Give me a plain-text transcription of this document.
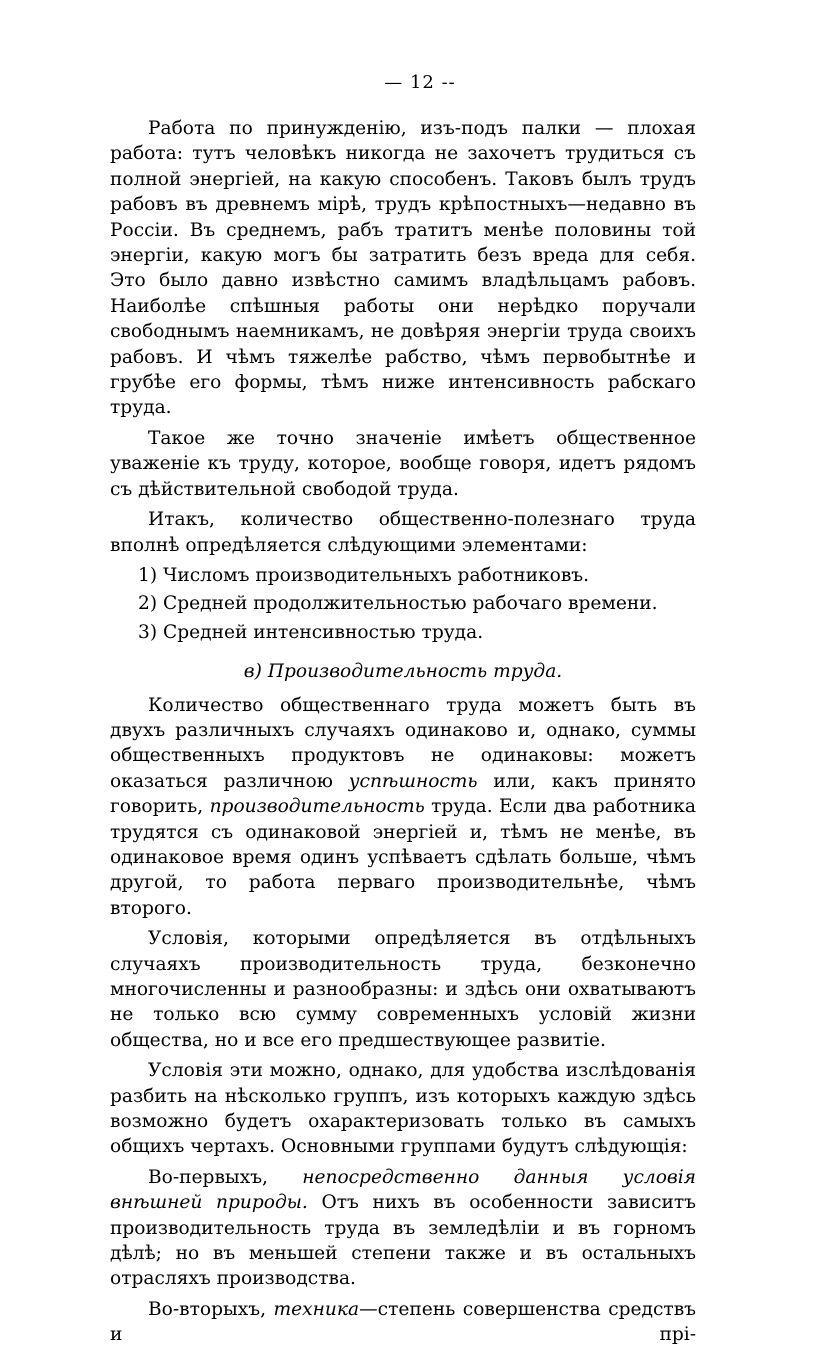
— 12 --

Работа по принужденію, изъ-подъ палки — плохая работа: тутъ человѣкъ никогда не захочетъ трудиться съ полной энергіей, на какую способенъ. Таковъ былъ трудъ рабовъ въ древнемъ мірѣ, трудъ крѣпостныхъ—недавно въ Россіи. Въ среднемъ, рабъ тратитъ менѣе половины той энергіи, какую могъ бы затратить безъ вреда для себя. Это было давно извѣстно самимъ владѣльцамъ рабовъ. Наиболѣе спѣшныя работы они нерѣдко поручали свободнымъ наемникамъ, не довѣряя энергіи труда своихъ рабовъ. И чѣмъ тяжелѣе рабство, чѣмъ первобытнѣе и грубѣе его формы, тѣмъ ниже интенсивность рабскаго труда.

Такое же точно значеніе имѣетъ общественное уваженіе къ труду, которое, вообще говоря, идетъ рядомъ съ дѣйствительной свободой труда.

Итакъ, количество общественно-полезнаго труда вполнѣ опредѣляется слѣдующими элементами:

1) Числомъ производительныхъ работниковъ.

2) Средней продолжительностью рабочаго времени.

3) Средней интенсивностью труда.

в) Производительность труда.

Количество общественнаго труда можетъ быть въ двухъ различныхъ случаяхъ одинаково и, однако, суммы общественныхъ продуктовъ не одинаковы: можетъ оказаться различною успѣшность или, какъ принято говорить, производительность труда. Если два работника трудятся съ одинаковой энергіей и, тѣмъ не менѣе, въ одинаковое время одинъ успѣваетъ сдѣлать больше, чѣмъ другой, то работа перваго производительнѣе, чѣмъ второго.

Условія, которыми опредѣляется въ отдѣльныхъ случаяхъ производительность труда, безконечно многочисленны и разнообразны: и здѣсь они охватываютъ не только всю сумму современныхъ условій жизни общества, но и все его предшествующее развитіе.

Условія эти можно, однако, для удобства изслѣдованія разбить на нѣсколько группъ, изъ которыхъ каждую здѣсь возможно будетъ охарактеризовать только въ самыхъ общихъ чертахъ. Основными группами будутъ слѣдующія:

Во-первыхъ, непосредственно данныя условія внѣшней природы. Отъ нихъ въ особенности зависитъ производительность труда въ земледѣліи и въ горномъ дѣлѣ; но въ меньшей степени также и въ остальныхъ отрасляхъ производства.

Во-вторыхъ, техника—степень совершенства средствъ и прі-
